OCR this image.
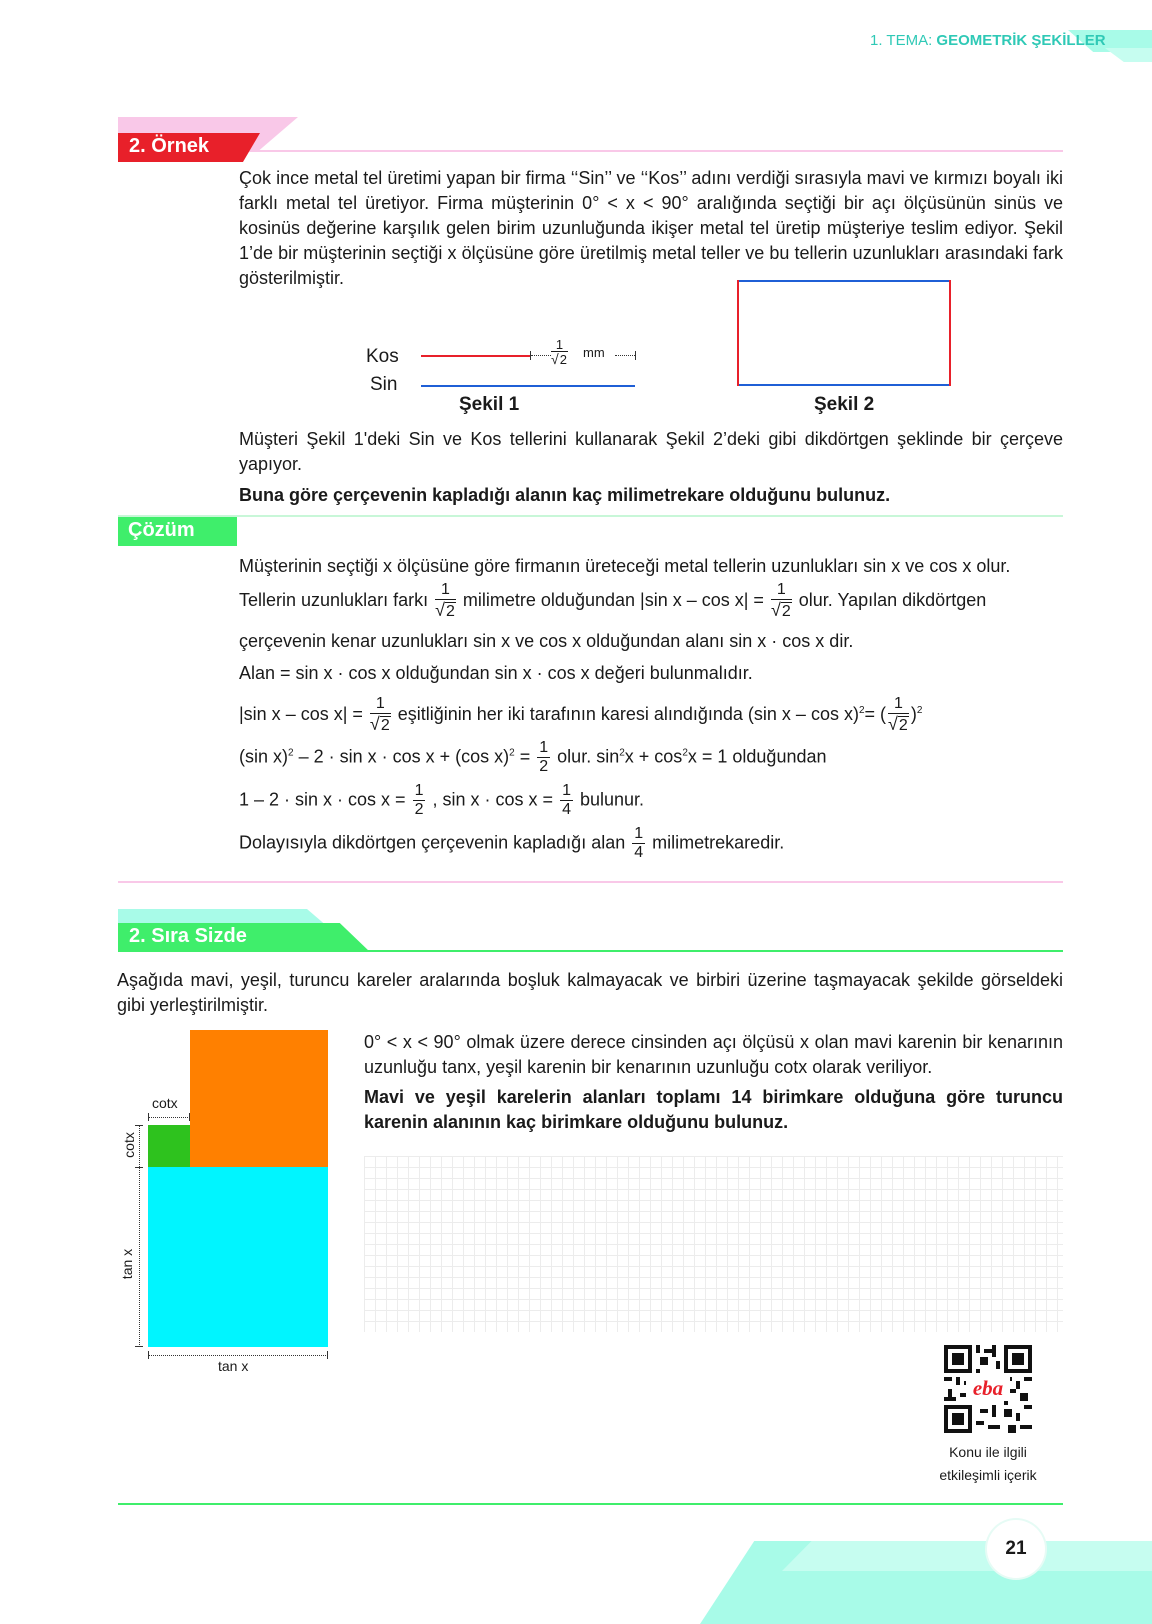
1. TEMA: GEOMETRİK ŞEKİLLER
2. Örnek

Çok ince metal tel üretimi yapan bir firma ‘‘Sin’’ ve ‘‘Kos’’ adını verdiği sırasıyla mavi ve kırmızı boyalı iki farklı metal tel üretiyor. Firma müşterinin 0° < x < 90° aralığında seçtiği bir açı ölçüsünün sinüs ve kosinüs değerine karşılık gelen birim uzunluğunda ikişer metal tel üretip müşteriye teslim ediyor. Şekil 1’de bir müşterinin seçtiği x ölçüsüne göre üretilmiş metal teller ve bu tellerin uzunlukları arasındaki fark gösterilmiştir.

Kos
Sin
$\frac{1}{√2}$ mm
Şekil 1	Şekil 2

Müşteri Şekil 1'deki Sin ve Kos tellerini kullanarak Şekil 2’deki gibi dikdörtgen şeklinde bir çerçeve yapıyor.

Buna göre çerçevenin kapladığı alanın kaç milimetrekare olduğunu bulunuz.

Çözüm
Müşterinin seçtiği x ölçüsüne göre firmanın üreteceği metal tellerin uzunlukları sin x ve cos x olur.
Tellerin uzunlukları farkı $\frac{1}{√2}$ milimetre olduğundan |sin $x - \cos x| = \frac{1}{√2}$ olur. Yapılan dikdörtgen
çerçevenin kenar uzunlukları sin x ve cos x olduğundan alanı sin x · cos x dir.
Alan = sin x · cos x olduğundan sin x · cos x değeri bulunmalıdır.
|sin $x - \cos x| = \frac{1}{√2}$ eşitliğinin her iki tarafının karesi alındığında (sin x – cos x)$^2$= ( $\frac{1}{√2} )^2$
(sin x)$^2$ – 2 · sin x · cos x + (cos $x)^2 = \frac{1}{2}$ olur. $\sin^2x + \cos^2x = 1$ olduğundan
$1 - 2 \cdot \sin x \cdot \cos x = \frac{1}{2}$ , $\sin x \cdot \cos x = \frac{1}{4}$ bulunur.
Dolayısıyla dikdörtgen çerçevenin kapladığı alan $\frac{1}{4}$ milimetrekaredir.
2. Sıra Sizde

Aşağıda mavi, yeşil, turuncu kareler aralarında boşluk kalmayacak ve birbiri üzerine taşmayacak şekilde görseldeki gibi yerleştirilmiştir.

cotx
cotx
tan x
tan x

0° < x < 90° olmak üzere derece cinsinden açı ölçüsü x olan mavi karenin bir kenarının uzunluğu tanx, yeşil karenin bir kenarının uzunluğu cotx olarak veriliyor.

Mavi ve yeşil karelerin alanları toplamı 14 birimkare olduğuna göre turuncu karenin alanının kaç birimkare olduğunu bulunuz.

eba
Konu ile ilgili
etkileşimli içerik
21
